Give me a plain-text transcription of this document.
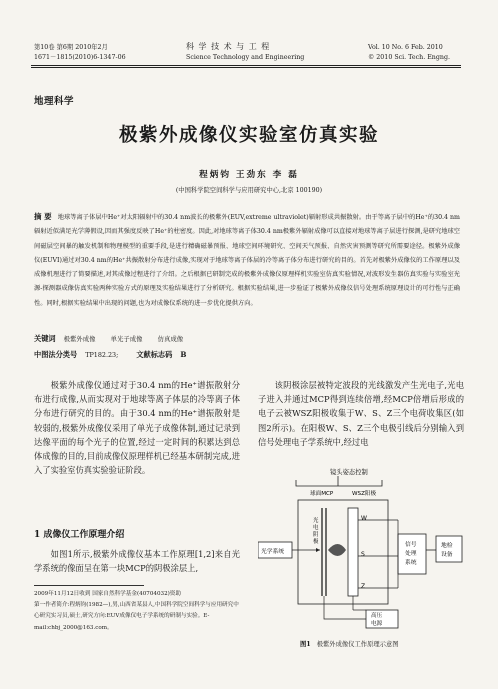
第10卷 第6期 2010年2月
1671－1815(2010)6-1347-06
科 学 技 术 与 工 程
Science Technology and Engineering
Vol. 10 No. 6 Feb. 2010
© 2010 Sci. Tech. Engng.
地理科学
极紫外成像仪实验室仿真实验
程炳钧 王劲东 李 磊
(中国科学院空间科学与应用研究中心,北京 100190)
摘 要 地球等离子体层中He⁺对太阳辐射中的30.4 nm波长的极紫外(EUV,extreme ultraviolet)辐射形成共振散射。由于等离子层中的He⁺的30.4 nm辐射近似满足光学薄假设,因而其强度反映了He⁺的柱密度。因此,对地球等离子体30.4 nm极紫外辐射成像可以直接对地球等离子层进行探测,是研究地球空间磁层空间暴的触发机制和物理模型的重要手段,是进行精确磁暴预报、地球空间环境研究、空间天气预报、自然灾害预测等研究所需要途径。极紫外成像仪(EUVI)通过对30.4 nm的He⁺共振散射分布进行成像,实现对于地球等离子体层的冷等离子体分布进行研究的目的。首先对极紫外成像仪的工作原理以及成像机理进行了简要描述,对其成像过程进行了介绍。之后根据已研制完成的极紫外成像仪原理样机实验室仿真实验情况,对波形发生器仿真实验与实验室光源-探测器成像仿真实验两种实验方式的原理及实验结果进行了分析研究。根据实验结果,进一步验证了极紫外成像仪信号处理系统原理设计的可行性与正确性。同时,根据实验结果中出现的问题,也为对成像仪系统的进一步优化提供方向。
关键词 极紫外成像 单光子成像 仿真成像
中图法分类号 TP182.23;	文献标志码 B

极紫外成像仪通过对于30.4 nm的He⁺谱振散射分布进行成像,从而实现对于地球等离子体层的冷等离子体分布进行研究的目的。由于30.4 nm的He⁺谱振散射是较弱的,极紫外成像仪采用了单光子成像体制,通过记录到达像平面的每个光子的位置,经过一定时间的积累达到总体成像的目的,目前成像仪原理样机已经基本研制完成,进入了实验室仿真实验验证阶段。

1 成像仪工作原理介绍

如图1所示,极紫外成像仪基本工作原理[1,2]来自光学系统的像面呈在第一块MCP的阴极涂层上,

2009年11月12日收到 国家自然科学基金(40704032)资助
第一作者简介:程炳钧(1982—),男,山西省某县人,中国科学院空间科学与应用研究中心研究实习员,硕士,研究方向:EUV成像仪电子学系统的研制与实验。E-mail:chbj_2000@163.com。

该阴极涂层被特定波段的光线激发产生光电子,光电子进入并通过MCP得到连续倍增,经MCP倍增后形成的电子云被WSZ阳极收集于W、S、Z三个电荷收集区(如图2所示)。在阳极W、S、Z三个电极引线后分别输入到信号处理电子学系统中,经过电

镜头姿态控制
球面MCP	WSZ阳极
光 电 阴 极
W
S
Z
光学系统
信号 处理 系统
地检 设备
高压 电源
图1 极紫外成像仪工作原理示意图
